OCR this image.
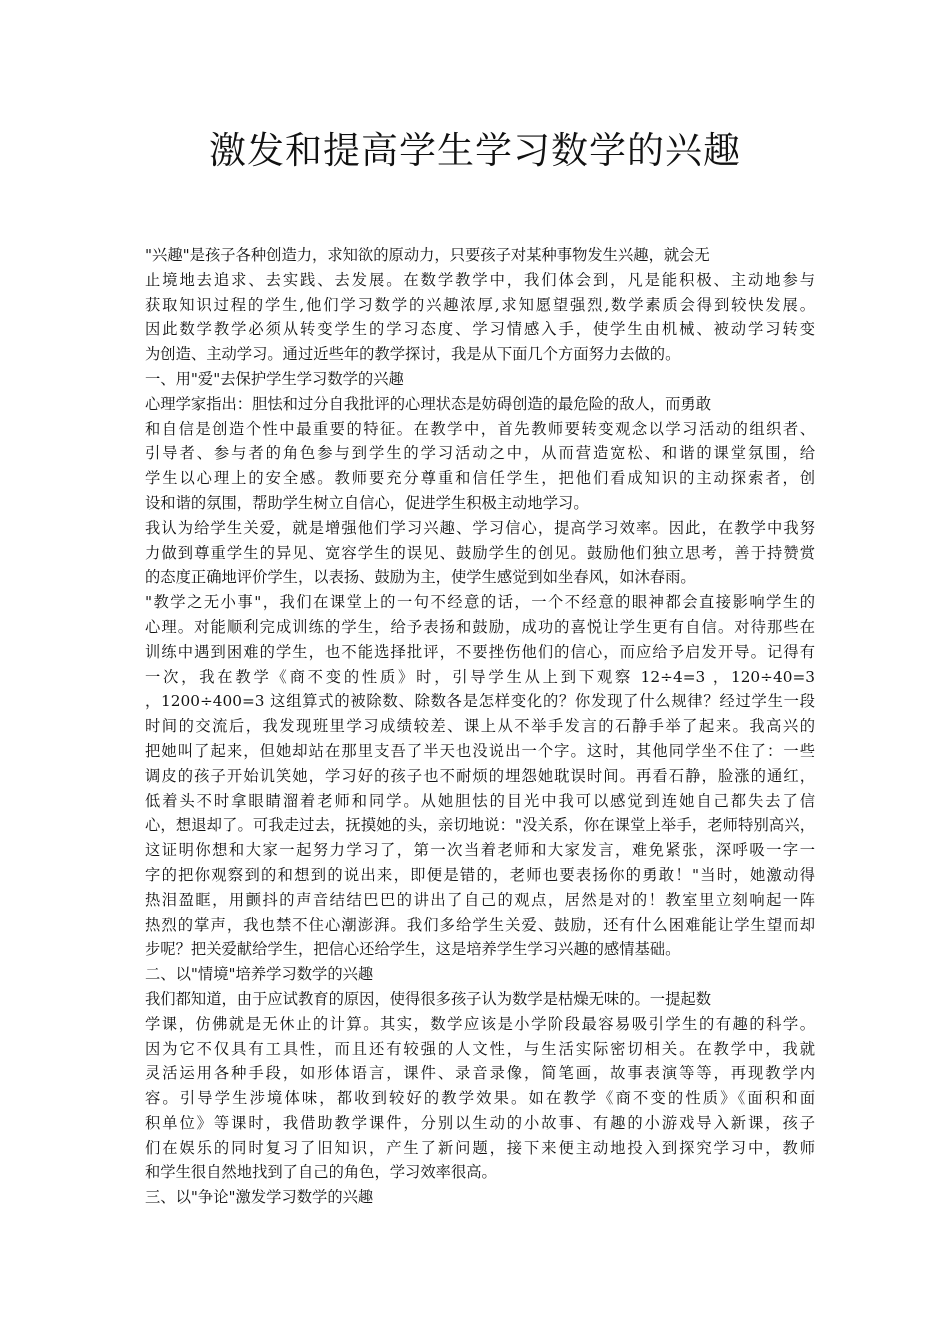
激发和提高学生学习数学的兴趣
"兴趣"是孩子各种创造力，求知欲的原动力，只要孩子对某种事物发生兴趣，就会无
止境地去追求、去实践、去发展。在数学教学中，我们体会到，凡是能积极、主动地参与
获取知识过程的学生,他们学习数学的兴趣浓厚,求知愿望强烈,数学素质会得到较快发展。
因此数学教学必须从转变学生的学习态度、学习情感入手，使学生由机械、被动学习转变
为创造、主动学习。通过近些年的教学探讨，我是从下面几个方面努力去做的。
一、用"爱"去保护学生学习数学的兴趣
心理学家指出：胆怯和过分自我批评的心理状态是妨碍创造的最危险的敌人，而勇敢
和自信是创造个性中最重要的特征。在教学中，首先教师要转变观念以学习活动的组织者、
引导者、参与者的角色参与到学生的学习活动之中，从而营造宽松、和谐的课堂氛围，给
学生以心理上的安全感。教师要充分尊重和信任学生，把他们看成知识的主动探索者，创
设和谐的氛围，帮助学生树立自信心，促进学生积极主动地学习。
我认为给学生关爱，就是增强他们学习兴趣、学习信心，提高学习效率。因此，在教学中我努
力做到尊重学生的异见、宽容学生的误见、鼓励学生的创见。鼓励他们独立思考，善于持赞赏
的态度正确地评价学生，以表扬、鼓励为主，使学生感觉到如坐春风，如沐春雨。
"教学之无小事"，我们在课堂上的一句不经意的话，一个不经意的眼神都会直接影响学生的
心理。对能顺利完成训练的学生，给予表扬和鼓励，成功的喜悦让学生更有自信。对待那些在
训练中遇到困难的学生，也不能选择批评，不要挫伤他们的信心，而应给予启发开导。记得有
一次，我在教学《商不变的性质》时，引导学生从上到下观察 12÷4=3 ，120÷40=3
，1200÷400=3 这组算式的被除数、除数各是怎样变化的？你发现了什么规律？经过学生一段
时间的交流后，我发现班里学习成绩较差、课上从不举手发言的石静手举了起来。我高兴的
把她叫了起来，但她却站在那里支吾了半天也没说出一个字。这时，其他同学坐不住了：一些
调皮的孩子开始讥笑她，学习好的孩子也不耐烦的埋怨她耽误时间。再看石静，脸涨的通红，
低着头不时拿眼睛溜着老师和同学。从她胆怯的目光中我可以感觉到连她自己都失去了信
心，想退却了。可我走过去，抚摸她的头，亲切地说："没关系，你在课堂上举手，老师特别高兴，
这证明你想和大家一起努力学习了，第一次当着老师和大家发言，难免紧张，深呼吸一字一
字的把你观察到的和想到的说出来，即便是错的，老师也要表扬你的勇敢！"当时，她激动得
热泪盈眶，用颤抖的声音结结巴巴的讲出了自己的观点，居然是对的！教室里立刻响起一阵
热烈的掌声，我也禁不住心潮澎湃。我们多给学生关爱、鼓励，还有什么困难能让学生望而却
步呢？把关爱献给学生，把信心还给学生，这是培养学生学习兴趣的感情基础。
二、以"情境"培养学习数学的兴趣
我们都知道，由于应试教育的原因，使得很多孩子认为数学是枯燥无味的。一提起数
学课，仿佛就是无休止的计算。其实，数学应该是小学阶段最容易吸引学生的有趣的科学。
因为它不仅具有工具性，而且还有较强的人文性，与生活实际密切相关。在教学中，我就
灵活运用各种手段，如形体语言，课件、录音录像，简笔画，故事表演等等，再现教学内
容。引导学生涉境体味，都收到较好的教学效果。如在教学《商不变的性质》《面积和面
积单位》等课时，我借助教学课件，分别以生动的小故事、有趣的小游戏导入新课，孩子
们在娱乐的同时复习了旧知识，产生了新问题，接下来便主动地投入到探究学习中，教师
和学生很自然地找到了自己的角色，学习效率很高。
三、以"争论"激发学习数学的兴趣
